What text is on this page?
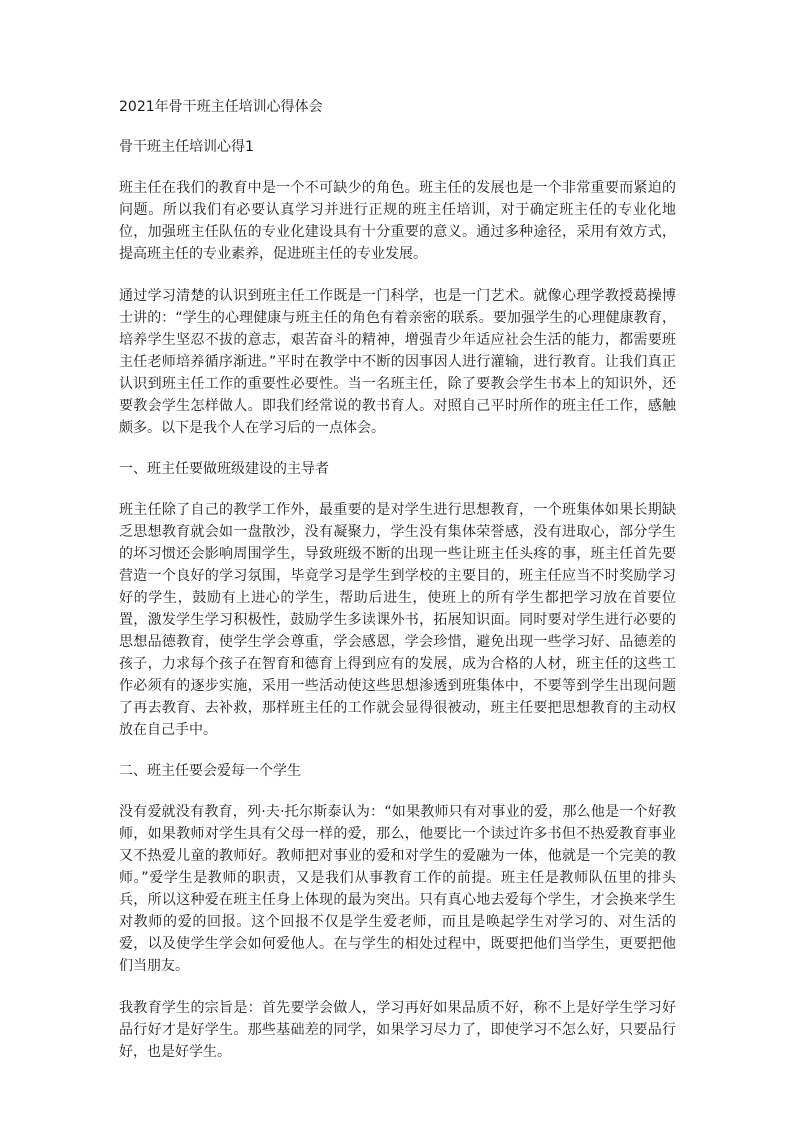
2021年骨干班主任培训心得体会
骨干班主任培训心得1

班主任在我们的教育中是一个不可缺少的角色。班主任的发展也是一个非常重要而紧迫的问题。所以我们有必要认真学习并进行正规的班主任培训，对于确定班主任的专业化地位，加强班主任队伍的专业化建设具有十分重要的意义。通过多种途径，采用有效方式，提高班主任的专业素养，促进班主任的专业发展。

通过学习清楚的认识到班主任工作既是一门科学，也是一门艺术。就像心理学教授葛操博士讲的：“学生的心理健康与班主任的角色有着亲密的联系。要加强学生的心理健康教育，培养学生坚忍不拔的意志，艰苦奋斗的精神，增强青少年适应社会生活的能力，都需要班主任老师培养循序渐进。”平时在教学中不断的因事因人进行灌输，进行教育。让我们真正认识到班主任工作的重要性必要性。当一名班主任，除了要教会学生书本上的知识外，还要教会学生怎样做人。即我们经常说的教书育人。对照自己平时所作的班主任工作，感触颇多。以下是我个人在学习后的一点体会。

一、班主任要做班级建设的主导者

班主任除了自己的教学工作外，最重要的是对学生进行思想教育，一个班集体如果长期缺乏思想教育就会如一盘散沙，没有凝聚力，学生没有集体荣誉感，没有进取心，部分学生的坏习惯还会影响周围学生，导致班级不断的出现一些让班主任头疼的事，班主任首先要营造一个良好的学习氛围，毕竟学习是学生到学校的主要目的，班主任应当不时奖励学习好的学生，鼓励有上进心的学生，帮助后进生，使班上的所有学生都把学习放在首要位置，激发学生学习积极性，鼓励学生多读课外书，拓展知识面。同时要对学生进行必要的思想品德教育，使学生学会尊重，学会感恩，学会珍惜，避免出现一些学习好、品德差的孩子，力求每个孩子在智育和德育上得到应有的发展，成为合格的人材，班主任的这些工作必须有的逐步实施，采用一些活动使这些思想渗透到班集体中，不要等到学生出现问题了再去教育、去补救，那样班主任的工作就会显得很被动，班主任要把思想教育的主动权放在自己手中。

二、班主任要会爱每一个学生

没有爱就没有教育，列·夫·托尔斯泰认为：“如果教师只有对事业的爱，那么他是一个好教师，如果教师对学生具有父母一样的爱，那么，他要比一个读过许多书但不热爱教育事业又不热爱儿童的教师好。教师把对事业的爱和对学生的爱融为一体，他就是一个完美的教师。”爱学生是教师的职责，又是我们从事教育工作的前提。班主任是教师队伍里的排头兵，所以这种爱在班主任身上体现的最为突出。只有真心地去爱每个学生，才会换来学生对教师的爱的回报。这个回报不仅是学生爱老师，而且是唤起学生对学习的、对生活的爱，以及使学生学会如何爱他人。在与学生的相处过程中，既要把他们当学生，更要把他们当朋友。

我教育学生的宗旨是：首先要学会做人，学习再好如果品质不好，称不上是好学生学习好品行好才是好学生。那些基础差的同学，如果学习尽力了，即使学习不怎么好，只要品行好，也是好学生。
